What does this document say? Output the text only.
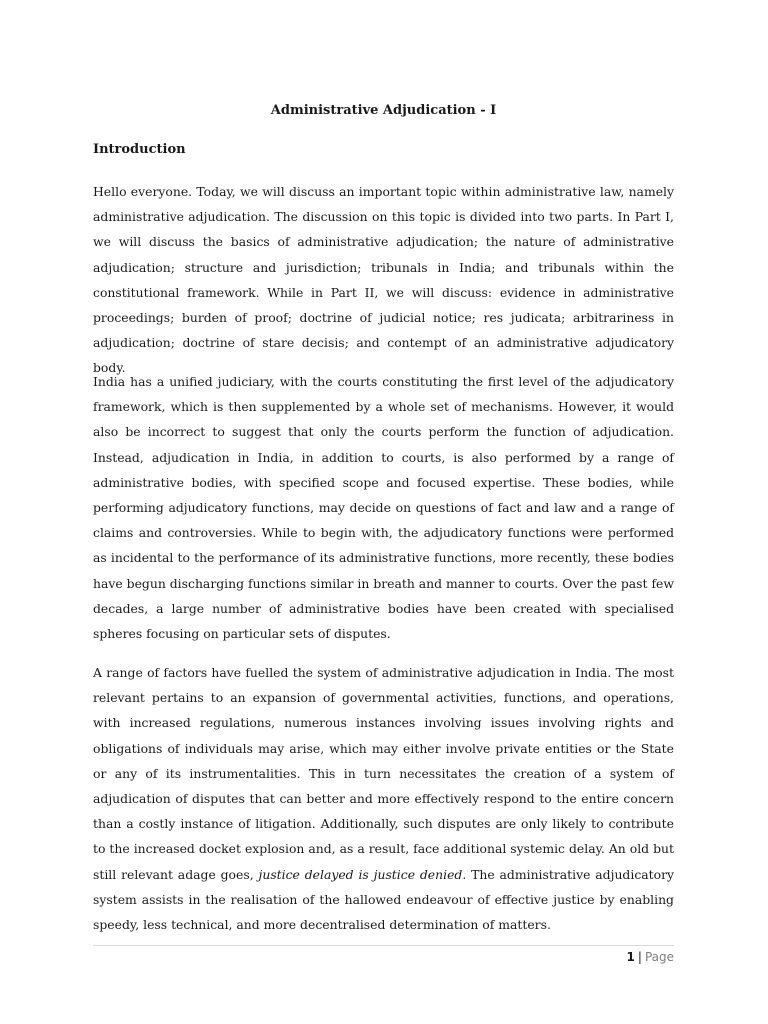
Administrative Adjudication - I
Introduction

Hello everyone. Today, we will discuss an important topic within administrative law, namely administrative adjudication. The discussion on this topic is divided into two parts. In Part I, we will discuss the basics of administrative adjudication; the nature of administrative adjudication; structure and jurisdiction; tribunals in India; and tribunals within the constitutional framework. While in Part II, we will discuss: evidence in administrative proceedings; burden of proof; doctrine of judicial notice; res judicata; arbitrariness in adjudication; doctrine of stare decisis; and contempt of an administrative adjudicatory body.

India has a unified judiciary, with the courts constituting the first level of the adjudicatory framework, which is then supplemented by a whole set of mechanisms. However, it would also be incorrect to suggest that only the courts perform the function of adjudication. Instead, adjudication in India, in addition to courts, is also performed by a range of administrative bodies, with specified scope and focused expertise. These bodies, while performing adjudicatory functions, may decide on questions of fact and law and a range of claims and controversies. While to begin with, the adjudicatory functions were performed as incidental to the performance of its administrative functions, more recently, these bodies have begun discharging functions similar in breath and manner to courts. Over the past few decades, a large number of administrative bodies have been created with specialised spheres focusing on particular sets of disputes.

A range of factors have fuelled the system of administrative adjudication in India. The most relevant pertains to an expansion of governmental activities, functions, and operations, with increased regulations, numerous instances involving issues involving rights and obligations of individuals may arise, which may either involve private entities or the State or any of its instrumentalities. This in turn necessitates the creation of a system of adjudication of disputes that can better and more effectively respond to the entire concern than a costly instance of litigation. Additionally, such disputes are only likely to contribute to the increased docket explosion and, as a result, face additional systemic delay. An old but still relevant adage goes, justice delayed is justice denied. The administrative adjudicatory system assists in the realisation of the hallowed endeavour of effective justice by enabling speedy, less technical, and more decentralised determination of matters.

1 | Page
